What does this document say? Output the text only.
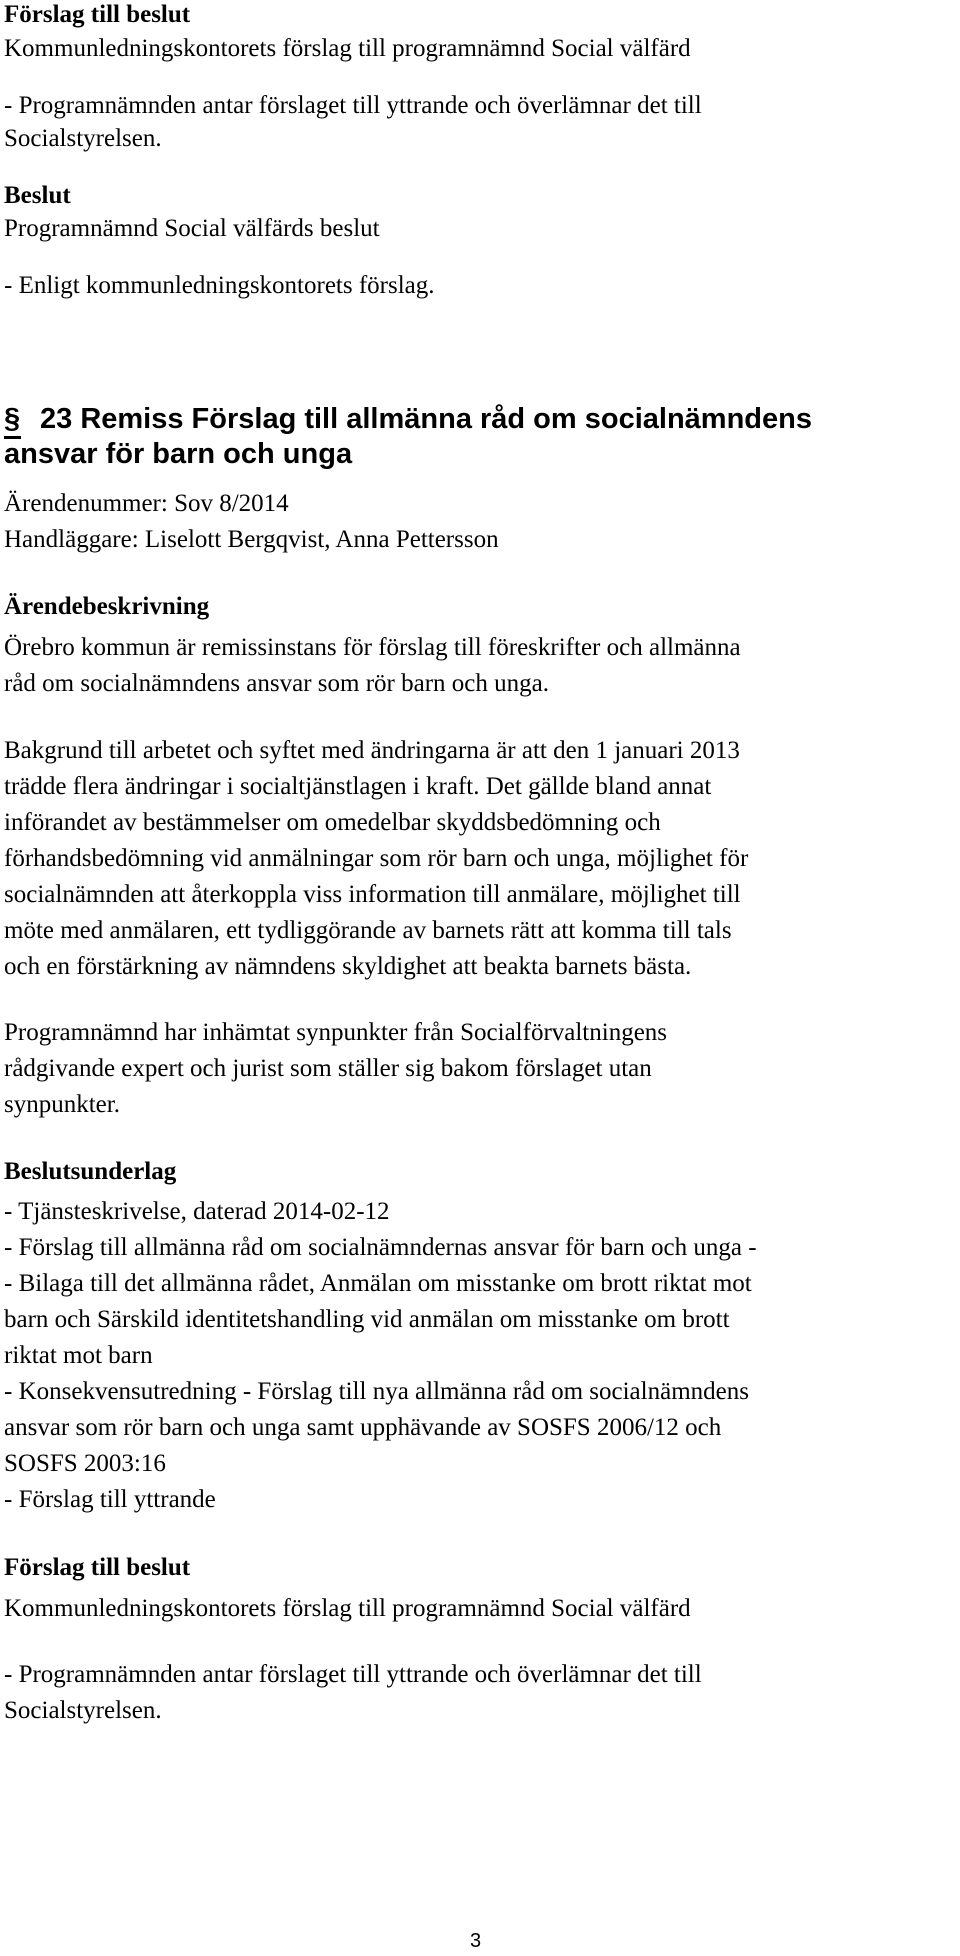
Förslag till beslut
Kommunledningskontorets förslag till programnämnd Social välfärd
- Programnämnden antar förslaget till yttrande och överlämnar det till
Socialstyrelsen.
Beslut
Programnämnd Social välfärds beslut
- Enligt kommunledningskontorets förslag.
§ 23 Remiss Förslag till allmänna råd om socialnämndens
ansvar för barn och unga
Ärendenummer: Sov 8/2014
Handläggare: Liselott Bergqvist, Anna Pettersson
Ärendebeskrivning
Örebro kommun är remissinstans för förslag till föreskrifter och allmänna
råd om socialnämndens ansvar som rör barn och unga.
Bakgrund till arbetet och syftet med ändringarna är att den 1 januari 2013
trädde flera ändringar i socialtjänstlagen i kraft. Det gällde bland annat
införandet av bestämmelser om omedelbar skyddsbedömning och
förhandsbedömning vid anmälningar som rör barn och unga, möjlighet för
socialnämnden att återkoppla viss information till anmälare, möjlighet till
möte med anmälaren, ett tydliggörande av barnets rätt att komma till tals
och en förstärkning av nämndens skyldighet att beakta barnets bästa.
Programnämnd har inhämtat synpunkter från Socialförvaltningens
rådgivande expert och jurist som ställer sig bakom förslaget utan
synpunkter.
Beslutsunderlag
- Tjänsteskrivelse, daterad 2014-02-12
- Förslag till allmänna råd om socialnämndernas ansvar för barn och unga -
- Bilaga till det allmänna rådet, Anmälan om misstanke om brott riktat mot
barn och Särskild identitetshandling vid anmälan om misstanke om brott
riktat mot barn
- Konsekvensutredning - Förslag till nya allmänna råd om socialnämndens
ansvar som rör barn och unga samt upphävande av SOSFS 2006/12 och
SOSFS 2003:16
- Förslag till yttrande
Förslag till beslut
Kommunledningskontorets förslag till programnämnd Social välfärd
- Programnämnden antar förslaget till yttrande och överlämnar det till
Socialstyrelsen.
3
